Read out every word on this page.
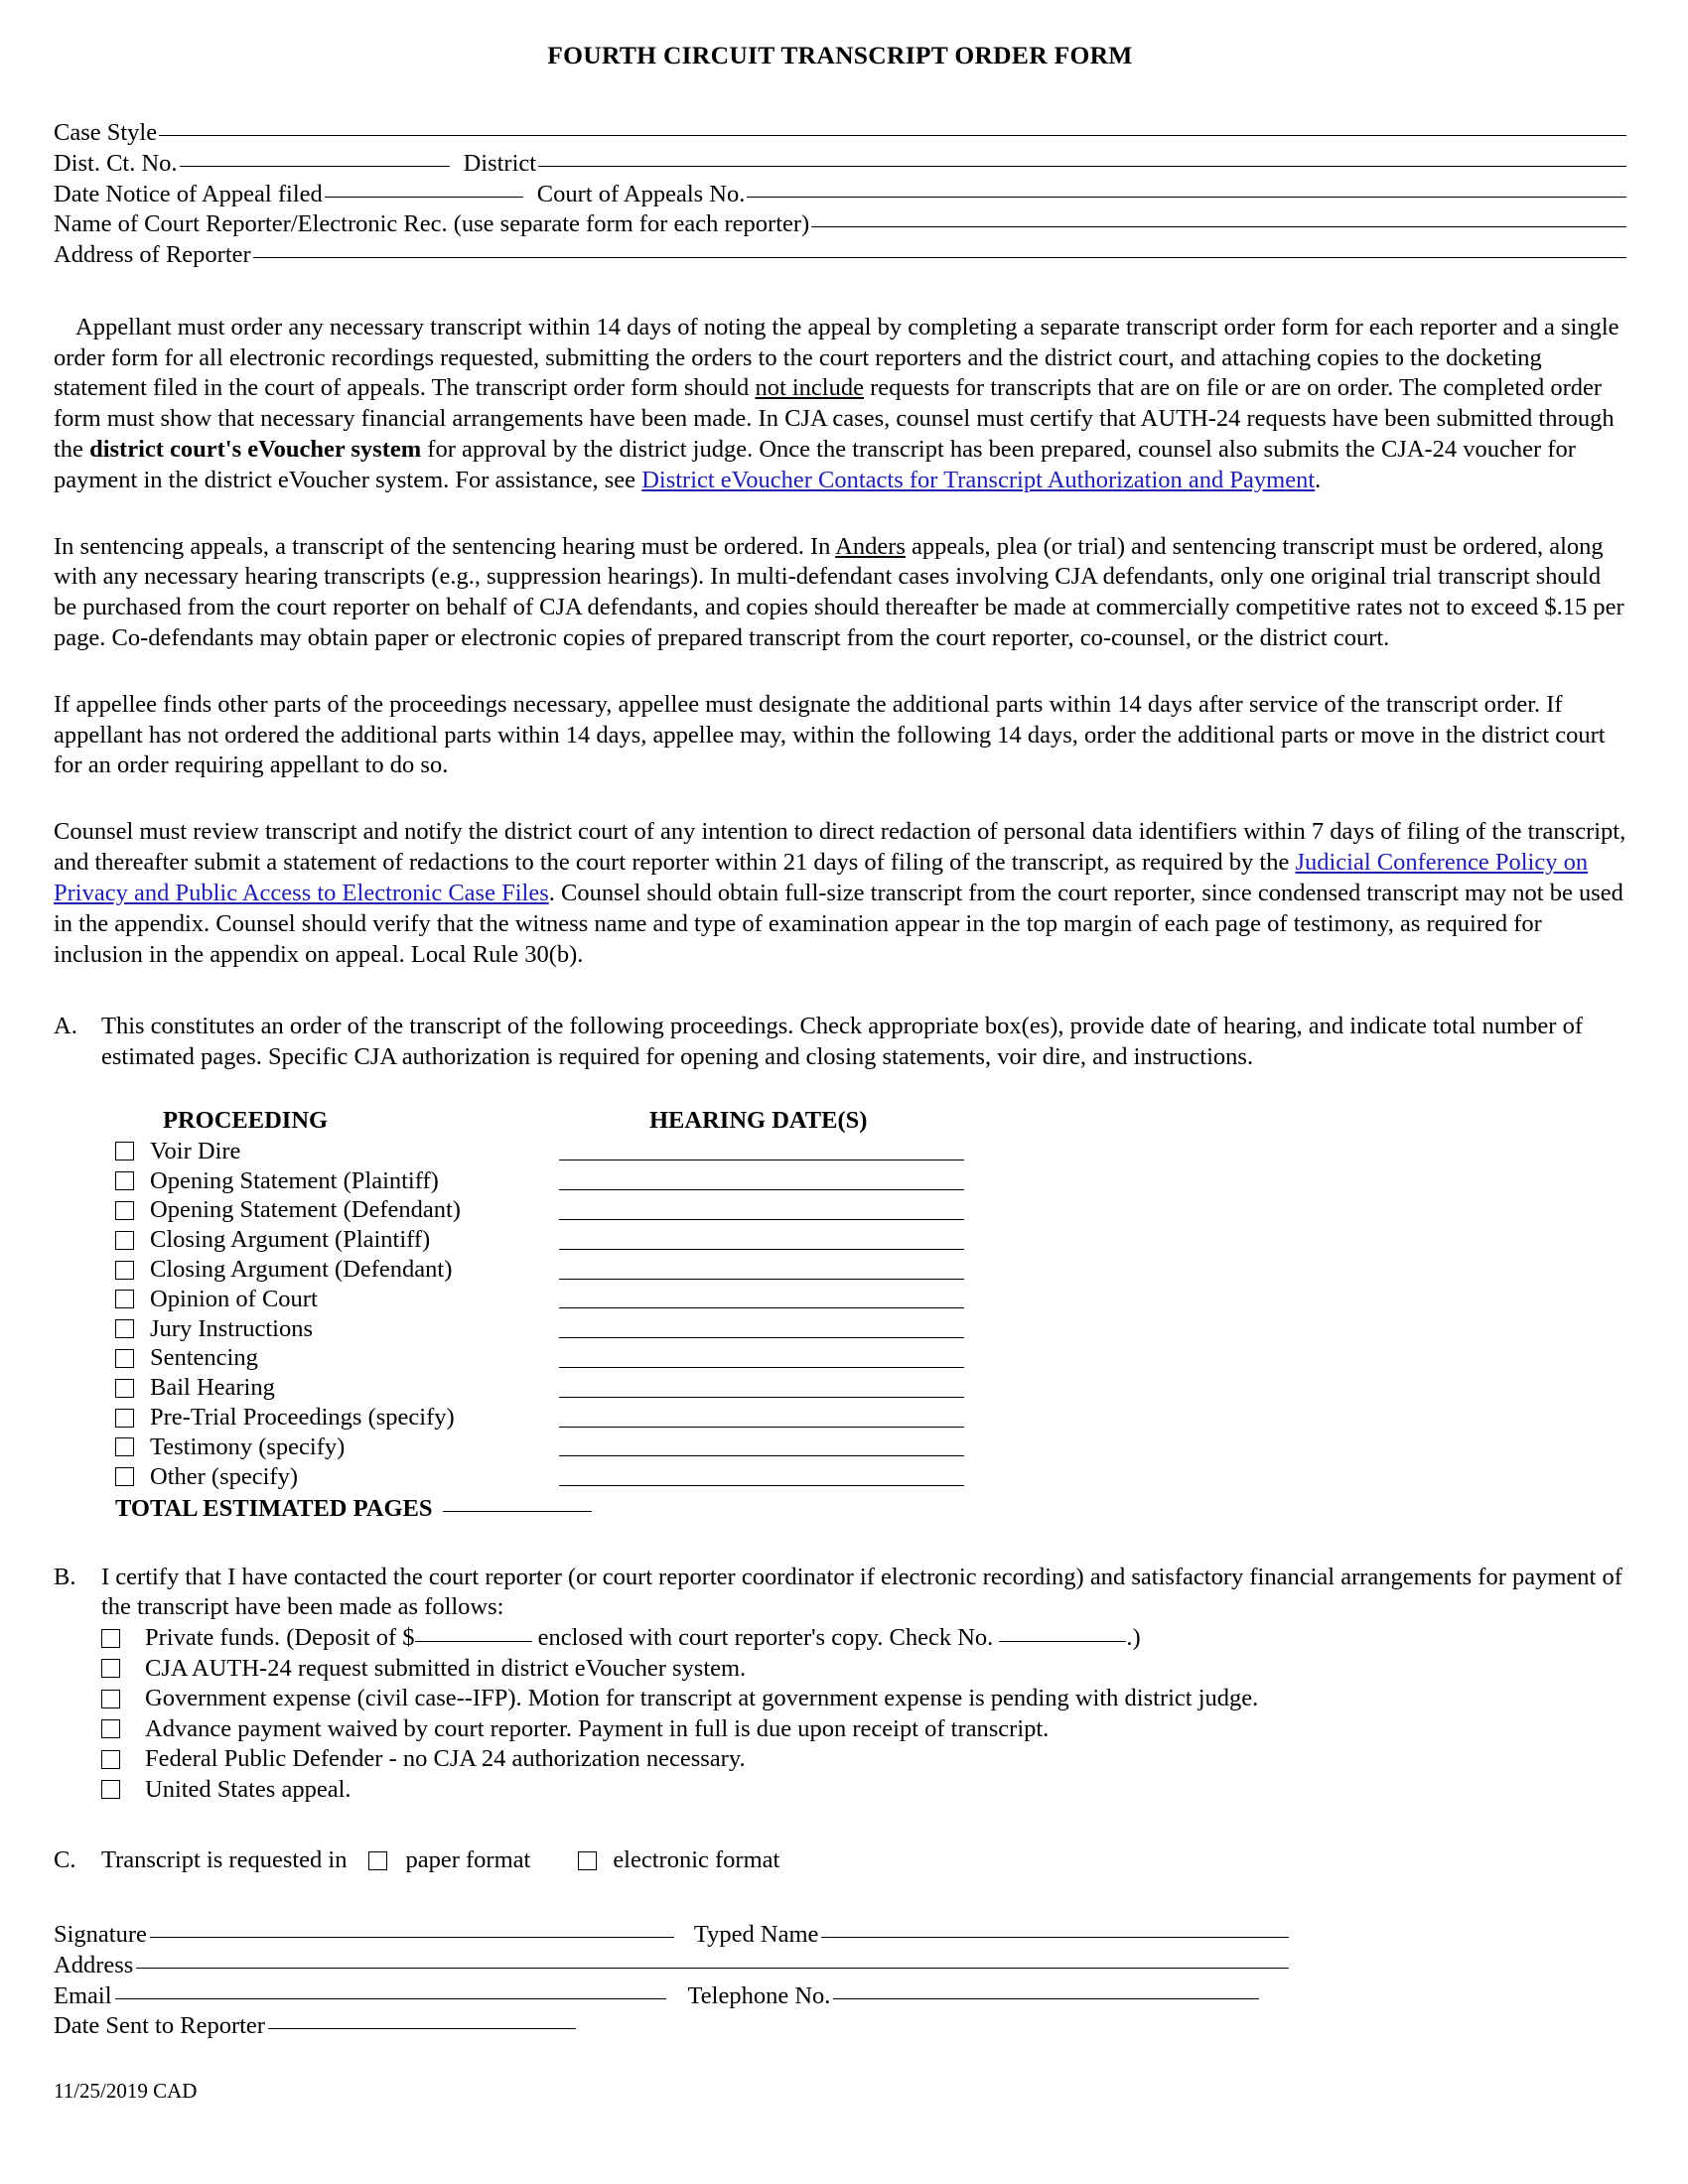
FOURTH CIRCUIT TRANSCRIPT ORDER FORM
Case Style
Dist. Ct. No.	District
Date Notice of Appeal filed	Court of Appeals No.
Name of Court Reporter/Electronic Rec. (use separate form for each reporter)
Address of Reporter

Appellant must order any necessary transcript within 14 days of noting the appeal by completing a separate transcript order form for each reporter and a single order form for all electronic recordings requested, submitting the orders to the court reporters and the district court, and attaching copies to the docketing statement filed in the court of appeals. The transcript order form should not include requests for transcripts that are on file or are on order. The completed order form must show that necessary financial arrangements have been made. In CJA cases, counsel must certify that AUTH-24 requests have been submitted through the district court's eVoucher system for approval by the district judge. Once the transcript has been prepared, counsel also submits the CJA-24 voucher for payment in the district eVoucher system. For assistance, see District eVoucher Contacts for Transcript Authorization and Payment.

In sentencing appeals, a transcript of the sentencing hearing must be ordered. In Anders appeals, plea (or trial) and sentencing transcript must be ordered, along with any necessary hearing transcripts (e.g., suppression hearings). In multi-defendant cases involving CJA defendants, only one original trial transcript should be purchased from the court reporter on behalf of CJA defendants, and copies should thereafter be made at commercially competitive rates not to exceed $.15 per page. Co-defendants may obtain paper or electronic copies of prepared transcript from the court reporter, co-counsel, or the district court.

If appellee finds other parts of the proceedings necessary, appellee must designate the additional parts within 14 days after service of the transcript order. If appellant has not ordered the additional parts within 14 days, appellee may, within the following 14 days, order the additional parts or move in the district court for an order requiring appellant to do so.

Counsel must review transcript and notify the district court of any intention to direct redaction of personal data identifiers within 7 days of filing of the transcript, and thereafter submit a statement of redactions to the court reporter within 21 days of filing of the transcript, as required by the Judicial Conference Policy on Privacy and Public Access to Electronic Case Files. Counsel should obtain full-size transcript from the court reporter, since condensed transcript may not be used in the appendix. Counsel should verify that the witness name and type of examination appear in the top margin of each page of testimony, as required for inclusion in the appendix on appeal. Local Rule 30(b).

A. This constitutes an order of the transcript of the following proceedings. Check appropriate box(es), provide date of hearing, and indicate total number of estimated pages. Specific CJA authorization is required for opening and closing statements, voir dire, and instructions.
PROCEEDING	HEARING DATE(S)
Voir Dire
Opening Statement (Plaintiff)
Opening Statement (Defendant)
Closing Argument (Plaintiff)
Closing Argument (Defendant)
Opinion of Court
Jury Instructions
Sentencing
Bail Hearing
Pre-Trial Proceedings (specify)
Testimony (specify)
Other (specify)
TOTAL ESTIMATED PAGES
B.	I certify that I have contacted the court reporter (or court reporter coordinator if electronic recording) and satisfactory financial arrangements for payment of the transcript have been made as follows:
Private funds. (Deposit of $	enclosed with court reporter's copy. Check No.	.)
CJA AUTH-24 request submitted in district eVoucher system.
Government expense (civil case--IFP). Motion for transcript at government expense is pending with district judge.
Advance payment waived by court reporter. Payment in full is due upon receipt of transcript.
Federal Public Defender - no CJA 24 authorization necessary.
United States appeal.
C.	Transcript is requested in paper format	electronic format
Signature	Typed Name
Address
Email	Telephone No.
Date Sent to Reporter
11/25/2019 CAD
